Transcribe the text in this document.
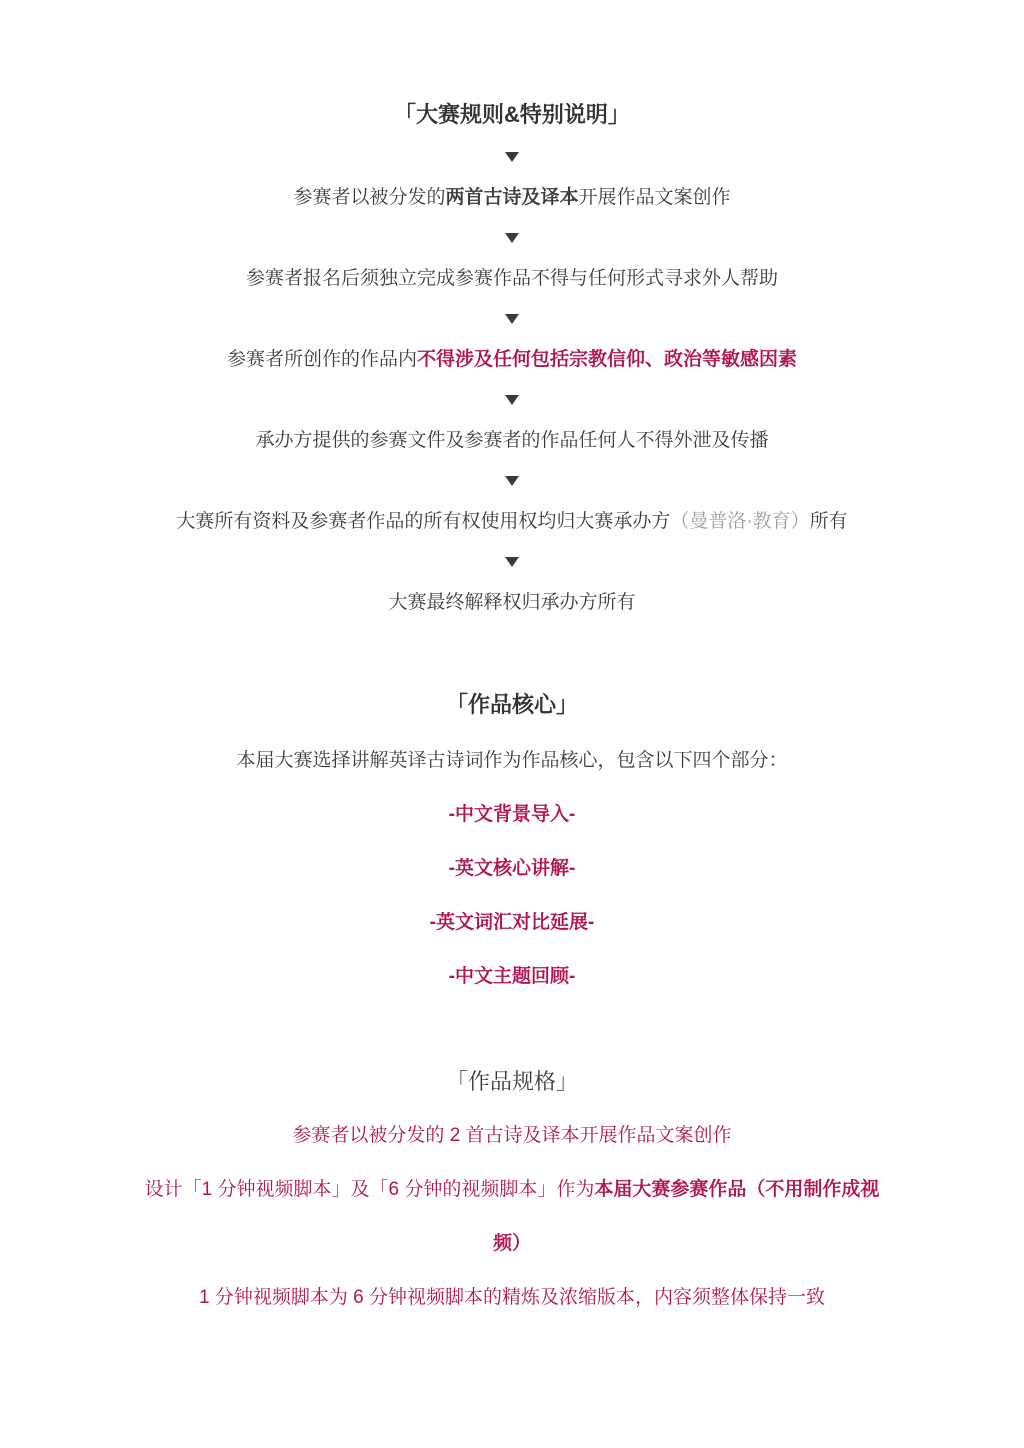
「大赛规则&特别说明」

参赛者以被分发的两首古诗及译本开展作品文案创作

参赛者报名后须独立完成参赛作品不得与任何形式寻求外人帮助

参赛者所创作的作品内不得涉及任何包括宗教信仰、政治等敏感因素

承办方提供的参赛文件及参赛者的作品任何人不得外泄及传播

大赛所有资料及参赛者作品的所有权使用权均归大赛承办方（曼普洛·教育）所有

大赛最终解释权归承办方所有

「作品核心」

本届大赛选择讲解英译古诗词作为作品核心，包含以下四个部分：

-中文背景导入-

-英文核心讲解-

-英文词汇对比延展-

-中文主题回顾-

「作品规格」

参赛者以被分发的 2 首古诗及译本开展作品文案创作

设计「1 分钟视频脚本」及「6 分钟的视频脚本」作为本届大赛参赛作品（不用制作成视频）

1 分钟视频脚本为 6 分钟视频脚本的精炼及浓缩版本，内容须整体保持一致
